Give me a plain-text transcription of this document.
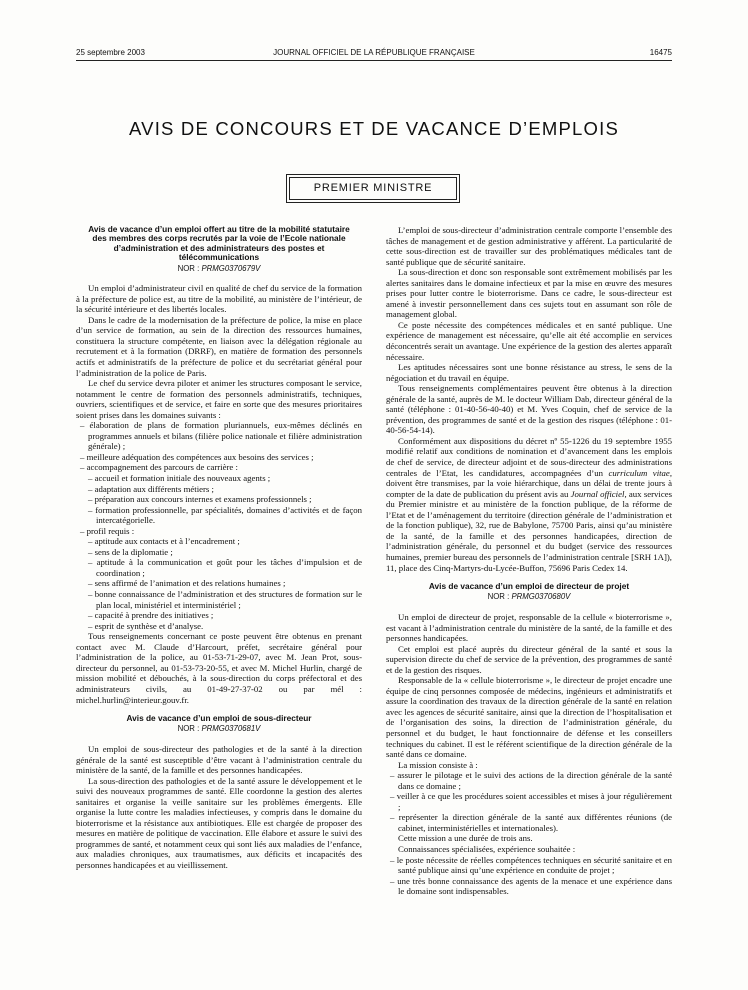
25 septembre 2003	JOURNAL OFFICIEL DE LA RÉPUBLIQUE FRANÇAISE	16475
AVIS DE CONCOURS ET DE VACANCE D’EMPLOIS
PREMIER MINISTRE
Avis de vacance d’un emploi offert au titre de la mobilité statutaire des membres des corps recrutés par la voie de l’Ecole nationale d’administration et des administrateurs des postes et télécommunications
NOR : PRMG0370679V

Un emploi d’administrateur civil en qualité de chef du service de la formation à la préfecture de police est, au titre de la mobilité, au ministère de l’intérieur, de la sécurité intérieure et des libertés locales.

Dans le cadre de la modernisation de la préfecture de police, la mise en place d’un service de formation, au sein de la direction des ressources humaines, constituera la structure compétente, en liaison avec la délégation régionale au recrutement et à la formation (DRRF), en matière de formation des personnels actifs et administratifs de la préfecture de police et du secrétariat général pour l’administration de la police de Paris.

Le chef du service devra piloter et animer les structures composant le service, notamment le centre de formation des personnels administratifs, techniques, ouvriers, scientifiques et de service, et faire en sorte que des mesures prioritaires soient prises dans les domaines suivants :

– élaboration de plans de formation pluriannuels, eux-mêmes déclinés en programmes annuels et bilans (filière police nationale et filière administration générale) ;
– meilleure adéquation des compétences aux besoins des services ;
– accompagnement des parcours de carrière :
– accueil et formation initiale des nouveaux agents ;
– adaptation aux différents métiers ;
– préparation aux concours internes et examens professionnels ;
– formation professionnelle, par spécialités, domaines d’activités et de façon intercatégorielle.
– profil requis :
– aptitude aux contacts et à l’encadrement ;
– sens de la diplomatie ;
– aptitude à la communication et goût pour les tâches d’impulsion et de coordination ;
– sens affirmé de l’animation et des relations humaines ;
– bonne connaissance de l’administration et des structures de formation sur le plan local, ministériel et interministériel ;
– capacité à prendre des initiatives ;
– esprit de synthèse et d’analyse.

Tous renseignements concernant ce poste peuvent être obtenus en prenant contact avec M. Claude d’Harcourt, préfet, secrétaire général pour l’administration de la police, au 01-53-71-29-07, avec M. Jean Prot, sous-directeur du personnel, au 01-53-73-20-55, et avec M. Michel Hurlin, chargé de mission mobilité et débouchés, à la sous-direction du corps préfectoral et des administrateurs civils, au 01-49-27-37-02 ou par mél : michel.hurlin@interieur.gouv.fr.

Avis de vacance d’un emploi de sous-directeur
NOR : PRMG0370681V

Un emploi de sous-directeur des pathologies et de la santé à la direction générale de la santé est susceptible d’être vacant à l’administration centrale du ministère de la santé, de la famille et des personnes handicapées.

La sous-direction des pathologies et de la santé assure le développement et le suivi des nouveaux programmes de santé. Elle coordonne la gestion des alertes sanitaires et organise la veille sanitaire sur les problèmes émergents. Elle organise la lutte contre les maladies infectieuses, y compris dans le domaine du bioterrorisme et la résistance aux antibiotiques. Elle est chargée de proposer des mesures en matière de politique de vaccination. Elle élabore et assure le suivi des programmes de santé, et notamment ceux qui sont liés aux maladies de l’enfance, aux maladies chroniques, aux traumatismes, aux déficits et incapacités des personnes handicapées et au vieillissement.

L’emploi de sous-directeur d’administration centrale comporte l’ensemble des tâches de management et de gestion administrative y afférent. La particularité de cette sous-direction est de travailler sur des problématiques médicales tant de santé publique que de sécurité sanitaire.

La sous-direction et donc son responsable sont extrêmement mobilisés par les alertes sanitaires dans le domaine infectieux et par la mise en œuvre des mesures prises pour lutter contre le bioterrorisme. Dans ce cadre, le sous-directeur est amené à investir personnellement dans ces sujets tout en assumant son rôle de management global.

Ce poste nécessite des compétences médicales et en santé publique. Une expérience de management est nécessaire, qu’elle ait été accomplie en services déconcentrés serait un avantage. Une expérience de la gestion des alertes apparaît nécessaire.

Les aptitudes nécessaires sont une bonne résistance au stress, le sens de la négociation et du travail en équipe.

Tous renseignements complémentaires peuvent être obtenus à la direction générale de la santé, auprès de M. le docteur William Dab, directeur général de la santé (téléphone : 01-40-56-40-40) et M. Yves Coquin, chef de service de la prévention, des programmes de santé et de la gestion des risques (téléphone : 01-40-56-54-14).

Conformément aux dispositions du décret nº 55-1226 du 19 septembre 1955 modifié relatif aux conditions de nomination et d’avancement dans les emplois de chef de service, de directeur adjoint et de sous-directeur des administrations centrales de l’Etat, les candidatures, accompagnées d’un curriculum vitae, doivent être transmises, par la voie hiérarchique, dans un délai de trente jours à compter de la date de publication du présent avis au Journal officiel, aux services du Premier ministre et au ministère de la fonction publique, de la réforme de l’Etat et de l’aménagement du territoire (direction générale de l’administration et de la fonction publique), 32, rue de Babylone, 75700 Paris, ainsi qu’au ministère de la santé, de la famille et des personnes handicapées, direction de l’administration générale, du personnel et du budget (service des ressources humaines, premier bureau des personnels de l’administration centrale [SRH 1A]), 11, place des Cinq-Martyrs-du-Lycée-Buffon, 75696 Paris Cedex 14.

Avis de vacance d’un emploi de directeur de projet
NOR : PRMG0370680V

Un emploi de directeur de projet, responsable de la cellule « bioterrorisme », est vacant à l’administration centrale du ministère de la santé, de la famille et des personnes handicapées.

Cet emploi est placé auprès du directeur général de la santé et sous la supervision directe du chef de service de la prévention, des programmes de santé et de la gestion des risques.

Responsable de la « cellule bioterrorisme », le directeur de projet encadre une équipe de cinq personnes composée de médecins, ingénieurs et administratifs et assure la coordination des travaux de la direction générale de la santé en relation avec les agences de sécurité sanitaire, ainsi que la direction de l’hospitalisation et de l’organisation des soins, la direction de l’administration générale, du personnel et du budget, le haut fonctionnaire de défense et les conseillers techniques du cabinet. Il est le référent scientifique de la direction générale de la santé dans ce domaine.

La mission consiste à :

– assurer le pilotage et le suivi des actions de la direction générale de la santé dans ce domaine ;
– veiller à ce que les procédures soient accessibles et mises à jour régulièrement ;
– représenter la direction générale de la santé aux différentes réunions (de cabinet, interministérielles et internationales).

Cette mission a une durée de trois ans.

Connaissances spécialisées, expérience souhaitée :

– le poste nécessite de réelles compétences techniques en sécurité sanitaire et en santé publique ainsi qu’une expérience en conduite de projet ;
– une très bonne connaissance des agents de la menace et une expérience dans le domaine sont indispensables.
